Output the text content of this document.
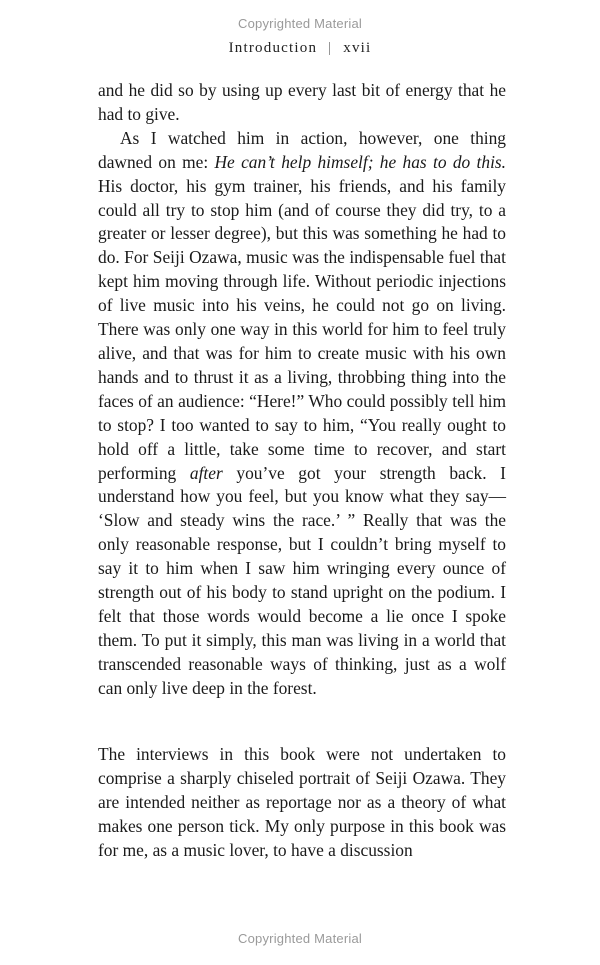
Copyrighted Material
Introduction | xvii

and he did so by using up every last bit of energy that he had to give.

As I watched him in action, however, one thing dawned on me: He can’t help himself; he has to do this. His doctor, his gym trainer, his friends, and his family could all try to stop him (and of course they did try, to a greater or lesser degree), but this was something he had to do. For Seiji Ozawa, music was the indispensable fuel that kept him moving through life. Without periodic injections of live music into his veins, he could not go on living. There was only one way in this world for him to feel truly alive, and that was for him to create music with his own hands and to thrust it as a living, throbbing thing into the faces of an audience: “Here!” Who could possibly tell him to stop? I too wanted to say to him, “You really ought to hold off a little, take some time to recover, and start performing after you’ve got your strength back. I understand how you feel, but you know what they say— ‘Slow and steady wins the race.’ ” Really that was the only reasonable response, but I couldn’t bring myself to say it to him when I saw him wringing every ounce of strength out of his body to stand upright on the podium. I felt that those words would become a lie once I spoke them. To put it simply, this man was living in a world that transcended reasonable ways of thinking, just as a wolf can only live deep in the forest.

The interviews in this book were not undertaken to comprise a sharply chiseled portrait of Seiji Ozawa. They are intended neither as reportage nor as a theory of what makes one person tick. My only purpose in this book was for me, as a music lover, to have a discussion

Copyrighted Material
